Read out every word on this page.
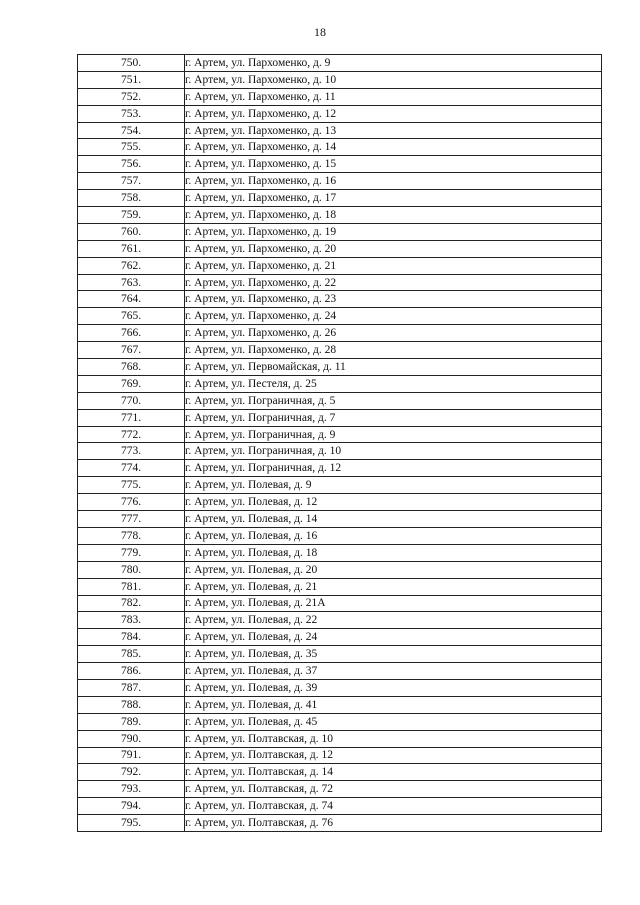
18
750.	г. Артем, ул. Пархоменко, д. 9
751.	г. Артем, ул. Пархоменко, д. 10
752.	г. Артем, ул. Пархоменко, д. 11
753.	г. Артем, ул. Пархоменко, д. 12
754.	г. Артем, ул. Пархоменко, д. 13
755.	г. Артем, ул. Пархоменко, д. 14
756.	г. Артем, ул. Пархоменко, д. 15
757.	г. Артем, ул. Пархоменко, д. 16
758.	г. Артем, ул. Пархоменко, д. 17
759.	г. Артем, ул. Пархоменко, д. 18
760.	г. Артем, ул. Пархоменко, д. 19
761.	г. Артем, ул. Пархоменко, д. 20
762.	г. Артем, ул. Пархоменко, д. 21
763.	г. Артем, ул. Пархоменко, д. 22
764.	г. Артем, ул. Пархоменко, д. 23
765.	г. Артем, ул. Пархоменко, д. 24
766.	г. Артем, ул. Пархоменко, д. 26
767.	г. Артем, ул. Пархоменко, д. 28
768.	г. Артем, ул. Первомайская, д. 11
769.	г. Артем, ул. Пестеля, д. 25
770.	г. Артем, ул. Пограничная, д. 5
771.	г. Артем, ул. Пограничная, д. 7
772.	г. Артем, ул. Пограничная, д. 9
773.	г. Артем, ул. Пограничная, д. 10
774.	г. Артем, ул. Пограничная, д. 12
775.	г. Артем, ул. Полевая, д. 9
776.	г. Артем, ул. Полевая, д. 12
777.	г. Артем, ул. Полевая, д. 14
778.	г. Артем, ул. Полевая, д. 16
779.	г. Артем, ул. Полевая, д. 18
780.	г. Артем, ул. Полевая, д. 20
781.	г. Артем, ул. Полевая, д. 21
782.	г. Артем, ул. Полевая, д. 21А
783.	г. Артем, ул. Полевая, д. 22
784.	г. Артем, ул. Полевая, д. 24
785.	г. Артем, ул. Полевая, д. 35
786.	г. Артем, ул. Полевая, д. 37
787.	г. Артем, ул. Полевая, д. 39
788.	г. Артем, ул. Полевая, д. 41
789.	г. Артем, ул. Полевая, д. 45
790.	г. Артем, ул. Полтавская, д. 10
791.	г. Артем, ул. Полтавская, д. 12
792.	г. Артем, ул. Полтавская, д. 14
793.	г. Артем, ул. Полтавская, д. 72
794.	г. Артем, ул. Полтавская, д. 74
795.	г. Артем, ул. Полтавская, д. 76
